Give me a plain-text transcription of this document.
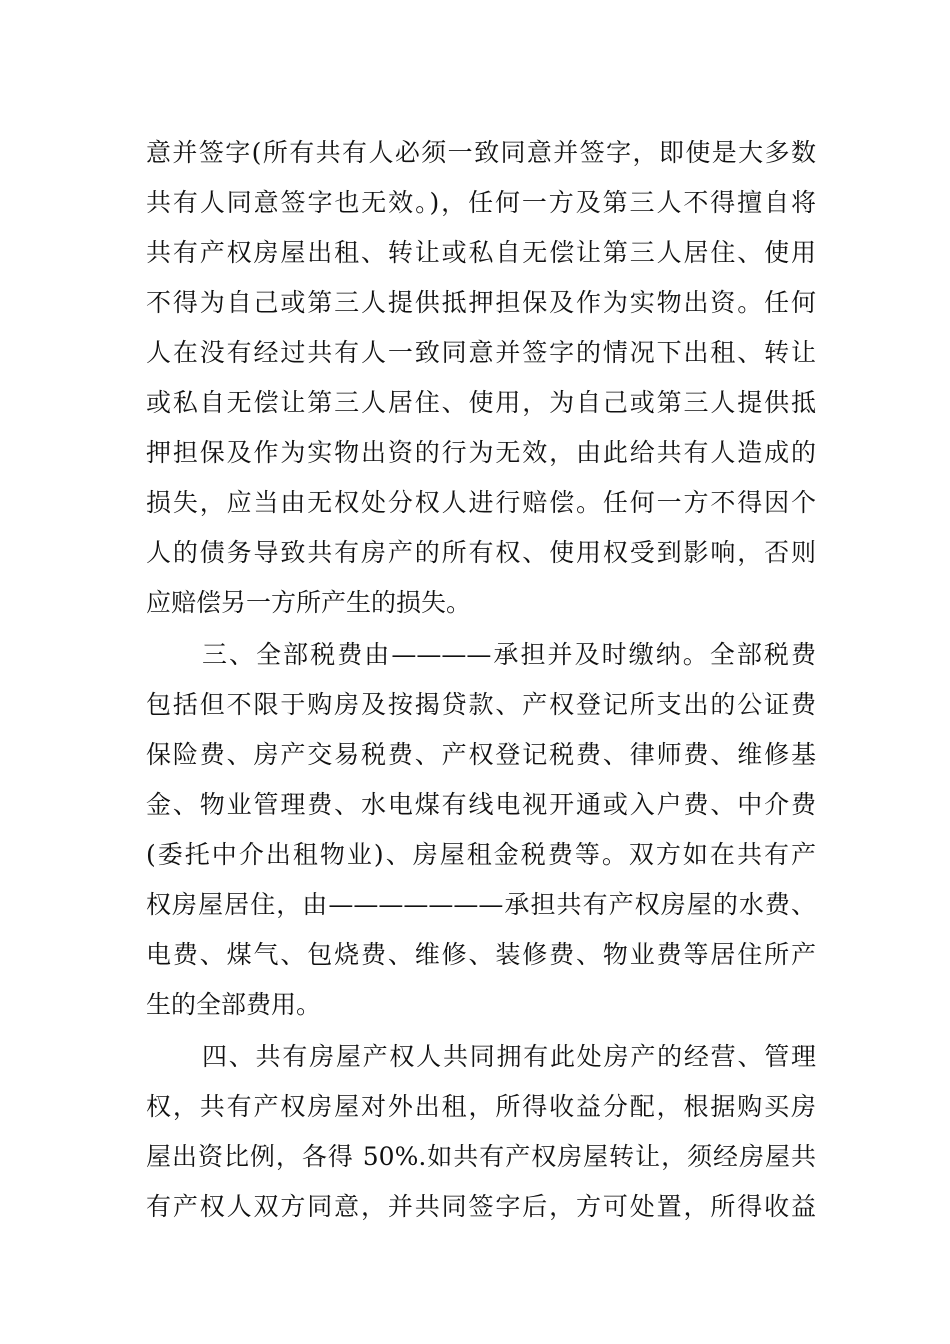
意并签字(所有共有人必须一致同意并签字，即使是大多数
共有人同意签字也无效。)，任何一方及第三人不得擅自将
共有产权房屋出租、转让或私自无偿让第三人居住、使用
不得为自己或第三人提供抵押担保及作为实物出资。任何
人在没有经过共有人一致同意并签字的情况下出租、转让
或私自无偿让第三人居住、使用，为自己或第三人提供抵
押担保及作为实物出资的行为无效，由此给共有人造成的
损失，应当由无权处分权人进行赔偿。任何一方不得因个
人的债务导致共有房产的所有权、使用权受到影响，否则
应赔偿另一方所产生的损失。
三、全部税费由————承担并及时缴纳。全部税费
包括但不限于购房及按揭贷款、产权登记所支出的公证费
保险费、房产交易税费、产权登记税费、律师费、维修基
金、物业管理费、水电煤有线电视开通或入户费、中介费
(委托中介出租物业)、房屋租金税费等。双方如在共有产
权房屋居住，由———————承担共有产权房屋的水费、
电费、煤气、包烧费、维修、装修费、物业费等居住所产
生的全部费用。
四、共有房屋产权人共同拥有此处房产的经营、管理
权，共有产权房屋对外出租，所得收益分配，根据购买房
屋出资比例，各得 50%.如共有产权房屋转让，须经房屋共
有产权人双方同意，并共同签字后，方可处置，所得收益
